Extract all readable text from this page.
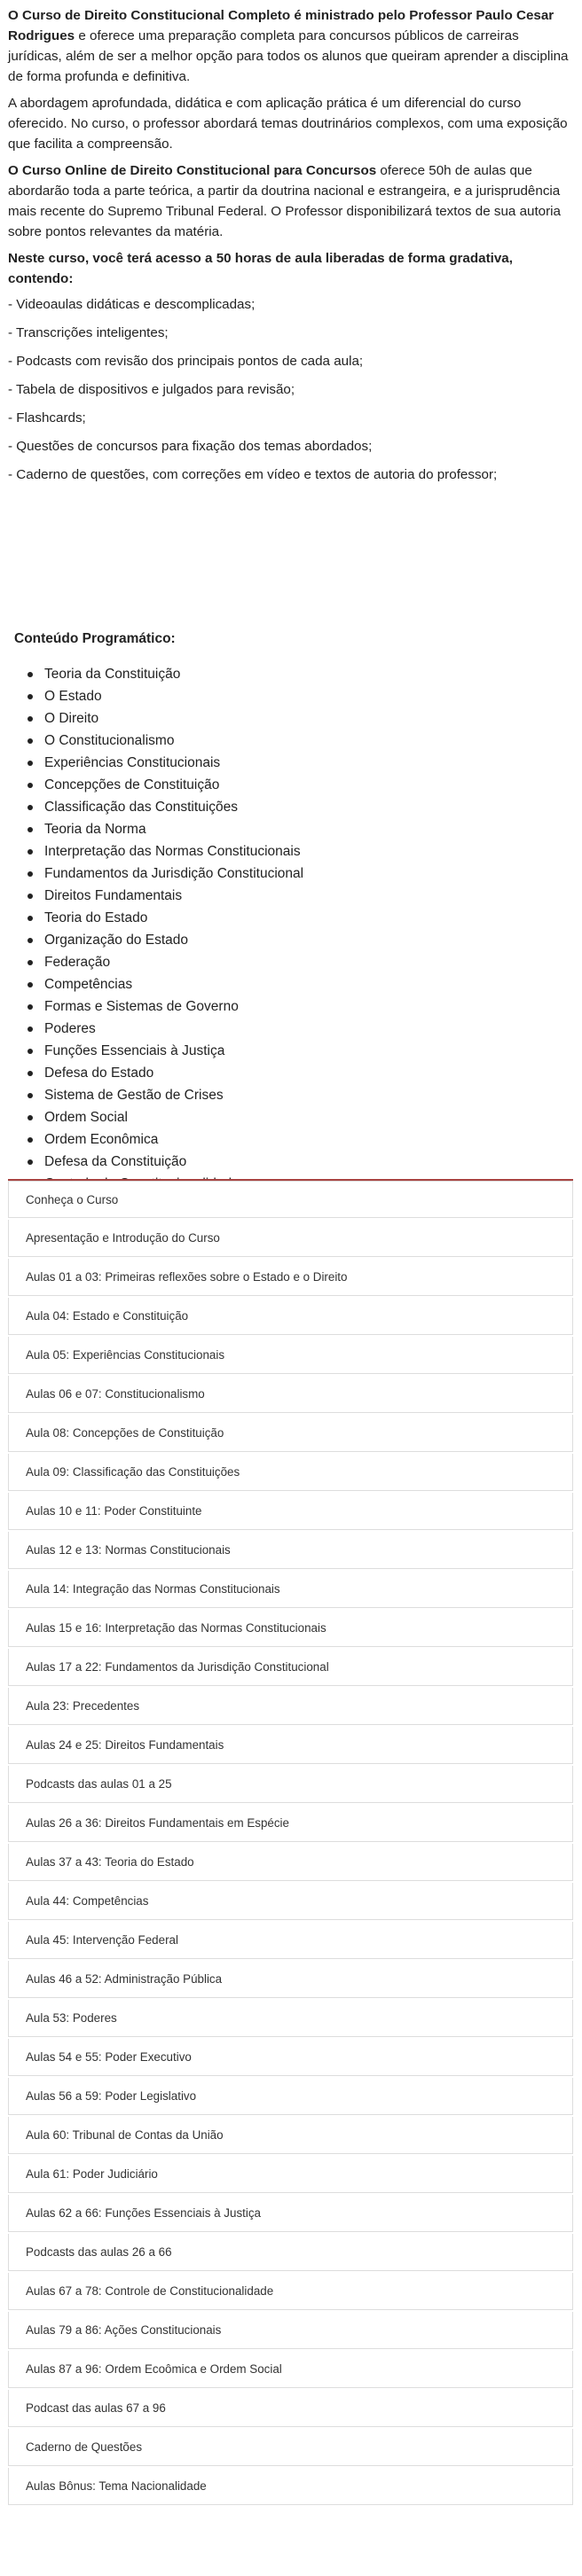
O Curso de Direito Constitucional Completo é ministrado pelo Professor Paulo Cesar Rodrigues e oferece uma preparação completa para concursos públicos de carreiras jurídicas, além de ser a melhor opção para todos os alunos que queiram aprender a disciplina de forma profunda e definitiva.

A abordagem aprofundada, didática e com aplicação prática é um diferencial do curso oferecido. No curso, o professor abordará temas doutrinários complexos, com uma exposição que facilita a compreensão.

O Curso Online de Direito Constitucional para Concursos oferece 50h de aulas que abordarão toda a parte teórica, a partir da doutrina nacional e estrangeira, e a jurisprudência mais recente do Supremo Tribunal Federal. O Professor disponibilizará textos de sua autoria sobre pontos relevantes da matéria.

Neste curso, você terá acesso a 50 horas de aula liberadas de forma gradativa, contendo:

- Videoaulas didáticas e descomplicadas;
- Transcrições inteligentes;
- Podcasts com revisão dos principais pontos de cada aula;
- Tabela de dispositivos e julgados para revisão;
- Flashcards;
- Questões de concursos para fixação dos temas abordados;
- Caderno de questões, com correções em vídeo e textos de autoria do professor;
Conteúdo Programático:
Teoria da Constituição
O Estado
O Direito
O Constitucionalismo
Experiências Constitucionais
Concepções de Constituição
Classificação das Constituições
Teoria da Norma
Interpretação das Normas Constitucionais
Fundamentos da Jurisdição Constitucional
Direitos Fundamentais
Teoria do Estado
Organização do Estado
Federação
Competências
Formas e Sistemas de Governo
Poderes
Funções Essenciais à Justiça
Defesa do Estado
Sistema de Gestão de Crises
Ordem Social
Ordem Econômica
Defesa da Constituição
Conheça o Curso
Apresentação e Introdução do Curso
Aulas 01 a 03: Primeiras reflexões sobre o Estado e o Direito
Aula 04: Estado e Constituição
Aula 05: Experiências Constitucionais
Aulas 06 e 07: Constitucionalismo
Aula 08: Concepções de Constituição
Aula 09: Classificação das Constituições
Aulas 10 e 11: Poder Constituinte
Aulas 12 e 13: Normas Constitucionais
Aula 14: Integração das Normas Constitucionais
Aulas 15 e 16: Interpretação das Normas Constitucionais
Aulas 17 a 22: Fundamentos da Jurisdição Constitucional
Aula 23: Precedentes
Aulas 24 e 25: Direitos Fundamentais
Podcasts das aulas 01 a 25
Aulas 26 a 36: Direitos Fundamentais em Espécie
Aulas 37 a 43: Teoria do Estado
Aula 44: Competências
Aula 45: Intervenção Federal
Aulas 46 a 52: Administração Pública
Aula 53: Poderes
Aulas 54 e 55: Poder Executivo
Aulas 56 a 59: Poder Legislativo
Aula 60: Tribunal de Contas da União
Aula 61: Poder Judiciário
Aulas 62 a 66: Funções Essenciais à Justiça
Podcasts das aulas 26 a 66
Aulas 67 a 78: Controle de Constitucionalidade
Aulas 79 a 86: Ações Constitucionais
Aulas 87 a 96: Ordem Ecoômica e Ordem Social
Podcast das aulas 67 a 96
Caderno de Questões
Aulas Bônus: Tema Nacionalidade
